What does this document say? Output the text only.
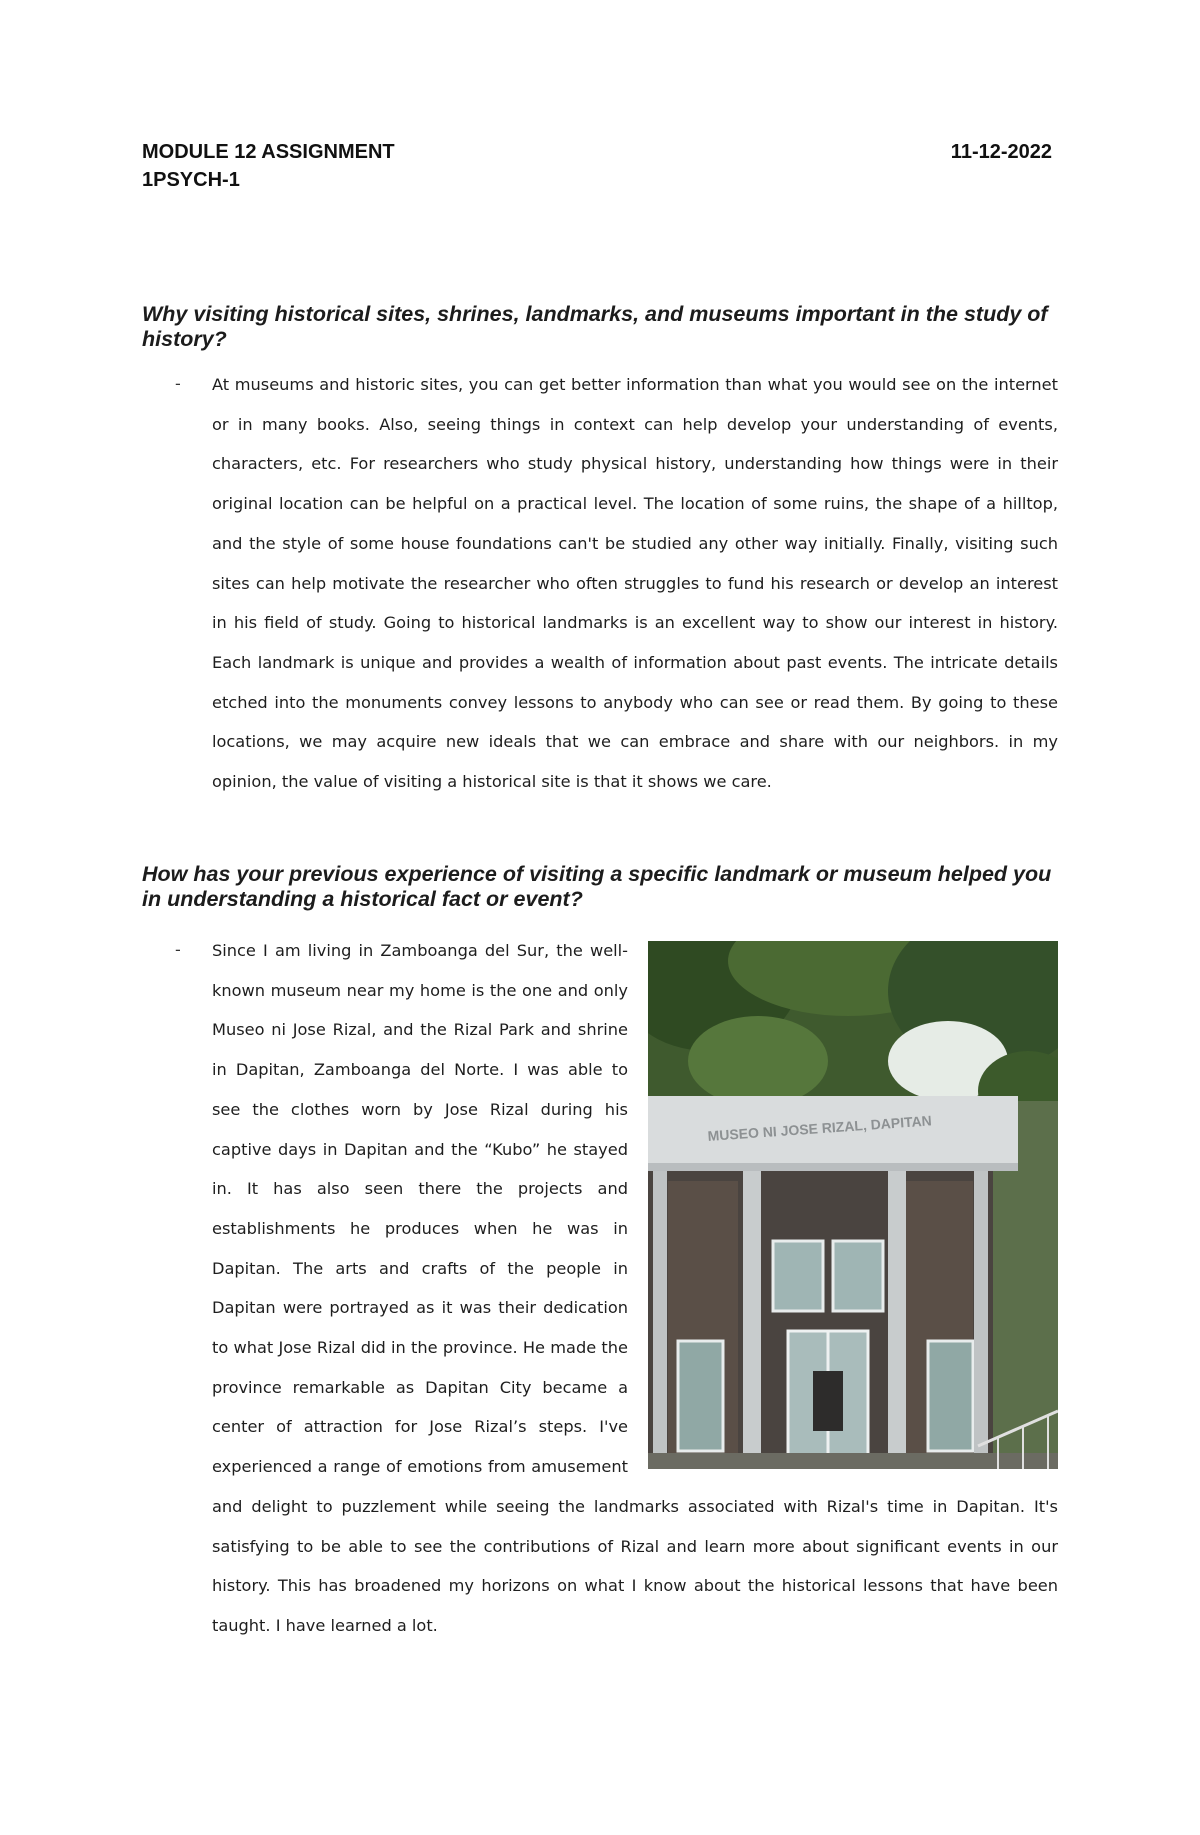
MODULE 12 ASSIGNMENT
1PSYCH-1
11-12-2022
Why visiting historical sites, shrines, landmarks, and museums important in the study of history?
- At museums and historic sites, you can get better information than what you would see on the internet or in many books. Also, seeing things in context can help develop your understanding of events, characters, etc. For researchers who study physical history, understanding how things were in their original location can be helpful on a practical level. The location of some ruins, the shape of a hilltop, and the style of some house foundations can't be studied any other way initially. Finally, visiting such sites can help motivate the researcher who often struggles to fund his research or develop an interest in his field of study. Going to historical landmarks is an excellent way to show our interest in history. Each landmark is unique and provides a wealth of information about past events. The intricate details etched into the monuments convey lessons to anybody who can see or read them. By going to these locations, we may acquire new ideals that we can embrace and share with our neighbors. in my opinion, the value of visiting a historical site is that it shows we care.

How has your previous experience of visiting a specific landmark or museum helped you in understanding a historical fact or event?
-
MUSEO NI JOSE RIZAL, DAPITAN
Since I am living in Zamboanga del Sur, the well-known museum near my home is the one and only Museo ni Jose Rizal, and the Rizal Park and shrine in Dapitan, Zamboanga del Norte. I was able to see the clothes worn by Jose Rizal during his captive days in Dapitan and the “Kubo” he stayed in. It has also seen there the projects and establishments he produces when he was in Dapitan. The arts and crafts of the people in Dapitan were portrayed as it was their dedication to what Jose Rizal did in the province. He made the province remarkable as Dapitan City became a center of attraction for Jose Rizal’s steps. I've experienced a range of emotions from amusement and delight to puzzlement while seeing the landmarks associated with Rizal's time in Dapitan. It's satisfying to be able to see the contributions of Rizal and learn more about significant events in our history. This has broadened my horizons on what I know about the historical lessons that have been taught. I have learned a lot.
